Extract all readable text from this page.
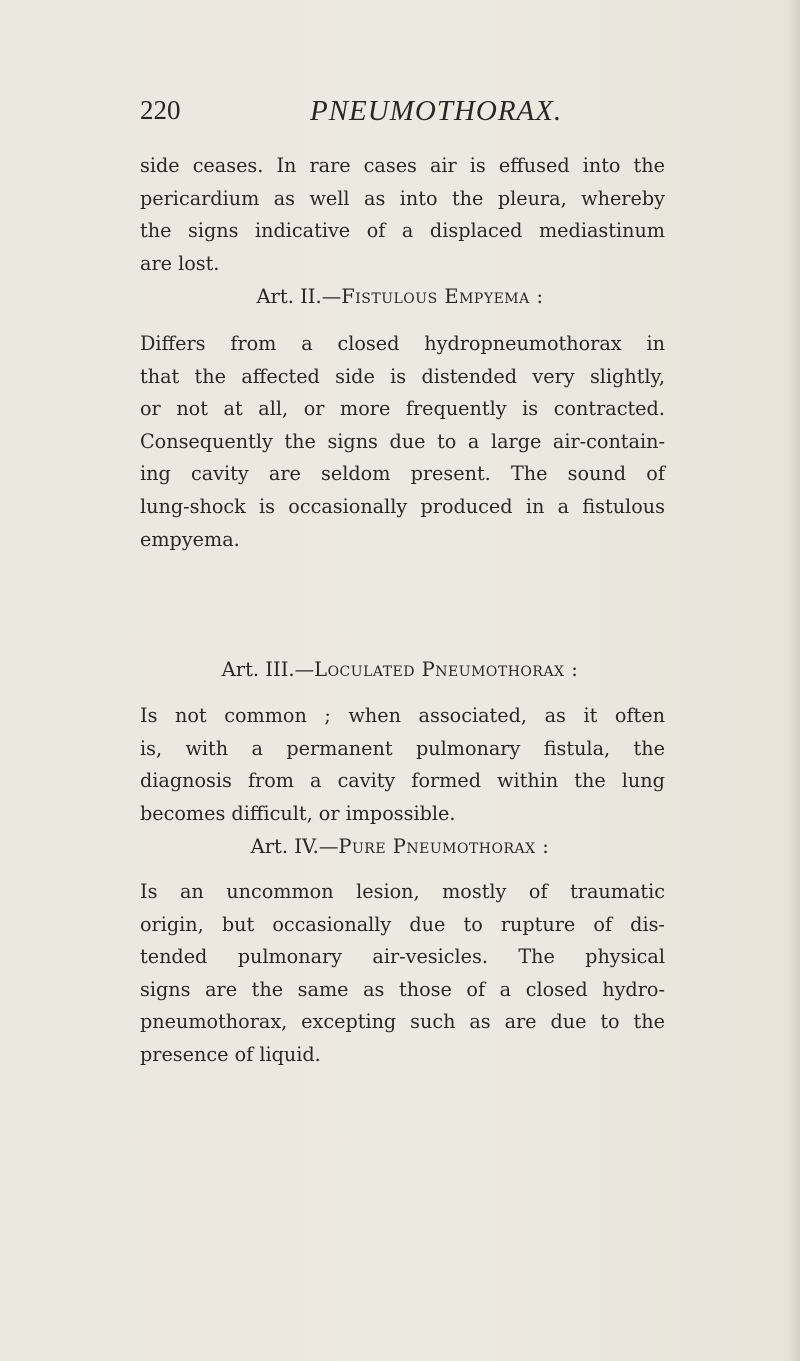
220	PNEUMOTHORAX.
side ceases. In rare cases air is effused into the
pericardium as well as into the pleura, whereby
the signs indicative of a displaced mediastinum
are lost.
Art. II.—Fistulous Empyema :
Differs from a closed hydropneumothorax in
that the affected side is distended very slightly,
or not at all, or more frequently is contracted.
Consequently the signs due to a large air-contain-
ing cavity are seldom present. The sound of
lung-shock is occasionally produced in a fistulous
empyema.
Art. III.—Loculated Pneumothorax :
Is not common ; when associated, as it often
is, with a permanent pulmonary fistula, the
diagnosis from a cavity formed within the lung
becomes difficult, or impossible.
Art. IV.—Pure Pneumothorax :
Is an uncommon lesion, mostly of traumatic
origin, but occasionally due to rupture of dis-
tended pulmonary air-vesicles. The physical
signs are the same as those of a closed hydro-
pneumothorax, excepting such as are due to the
presence of liquid.
